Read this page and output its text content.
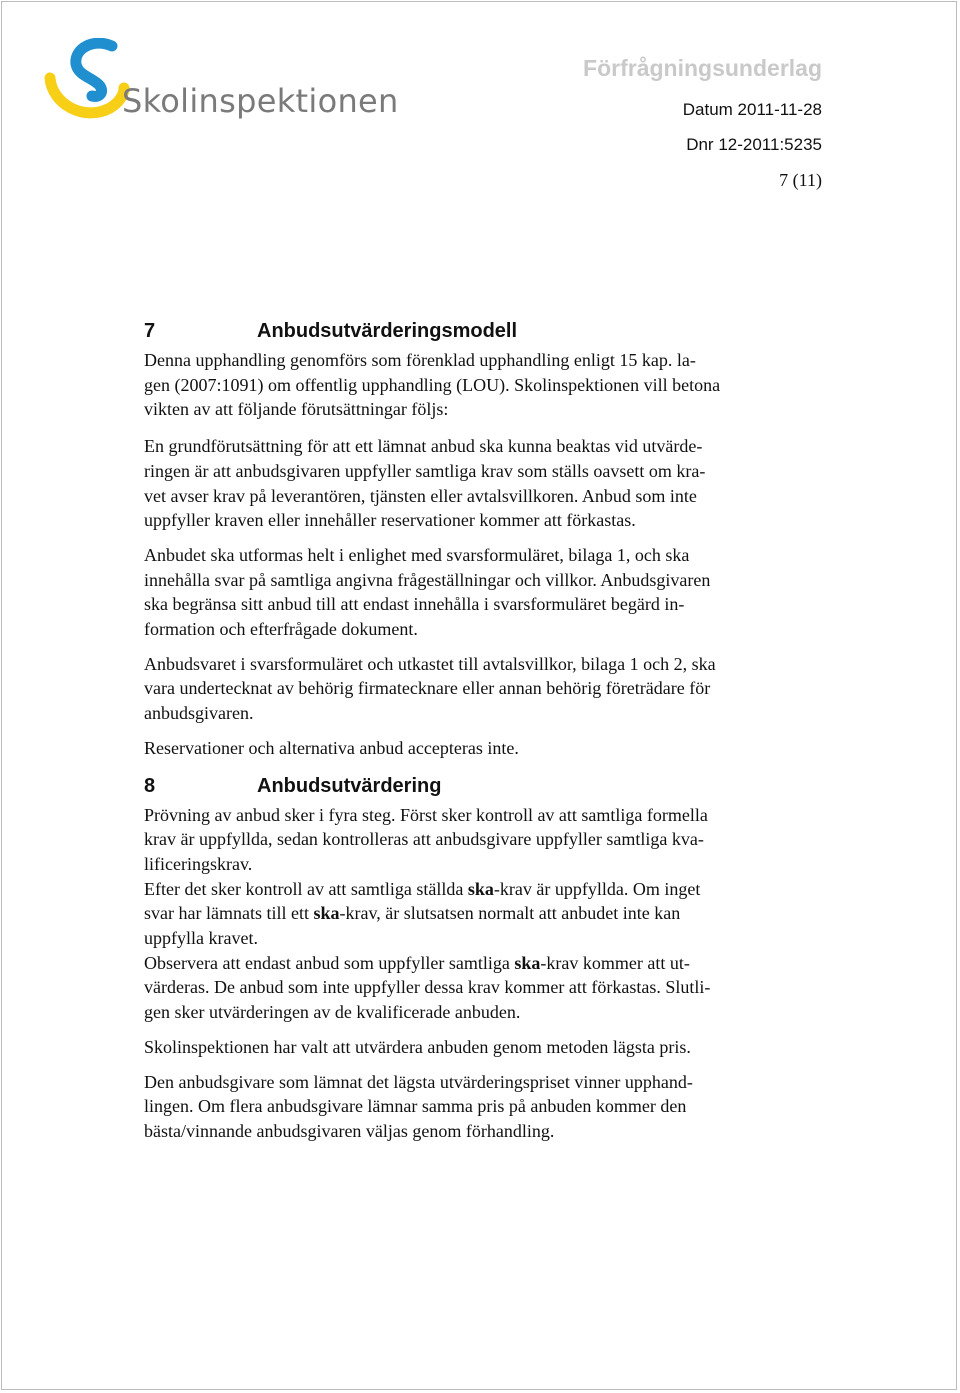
Skolinspektionen
Förfrågningsunderlag
Datum 2011-11-28
Dnr 12-2011:5235
7 (11)
7	Anbudsutvärderingsmodell

Denna upphandling genomförs som förenklad upphandling enligt 15 kap. la-
gen (2007:1091) om offentlig upphandling (LOU). Skolinspektionen vill betona
vikten av att följande förutsättningar följs:

En grundförutsättning för att ett lämnat anbud ska kunna beaktas vid utvärde-
ringen är att anbudsgivaren uppfyller samtliga krav som ställs oavsett om kra-
vet avser krav på leverantören, tjänsten eller avtalsvillkoren. Anbud som inte
uppfyller kraven eller innehåller reservationer kommer att förkastas.

Anbudet ska utformas helt i enlighet med svarsformuläret, bilaga 1, och ska
innehålla svar på samtliga angivna frågeställningar och villkor. Anbudsgivaren
ska begränsa sitt anbud till att endast innehålla i svarsformuläret begärd in-
formation och efterfrågade dokument.

Anbudsvaret i svarsformuläret och utkastet till avtalsvillkor, bilaga 1 och 2, ska
vara undertecknat av behörig firmatecknare eller annan behörig företrädare för
anbudsgivaren.

Reservationer och alternativa anbud accepteras inte.

8	Anbudsutvärdering

Prövning av anbud sker i fyra steg. Först sker kontroll av att samtliga formella
krav är uppfyllda, sedan kontrolleras att anbudsgivare uppfyller samtliga kva-
lificeringskrav.

Efter det sker kontroll av att samtliga ställda ska-krav är uppfyllda. Om inget
svar har lämnats till ett ska-krav, är slutsatsen normalt att anbudet inte kan
uppfylla kravet.

Observera att endast anbud som uppfyller samtliga ska-krav kommer att ut-
värderas. De anbud som inte uppfyller dessa krav kommer att förkastas. Slutli-
gen sker utvärderingen av de kvalificerade anbuden.

Skolinspektionen har valt att utvärdera anbuden genom metoden lägsta pris.

Den anbudsgivare som lämnat det lägsta utvärderingspriset vinner upphand-
lingen. Om flera anbudsgivare lämnar samma pris på anbuden kommer den
bästa/vinnande anbudsgivaren väljas genom förhandling.
